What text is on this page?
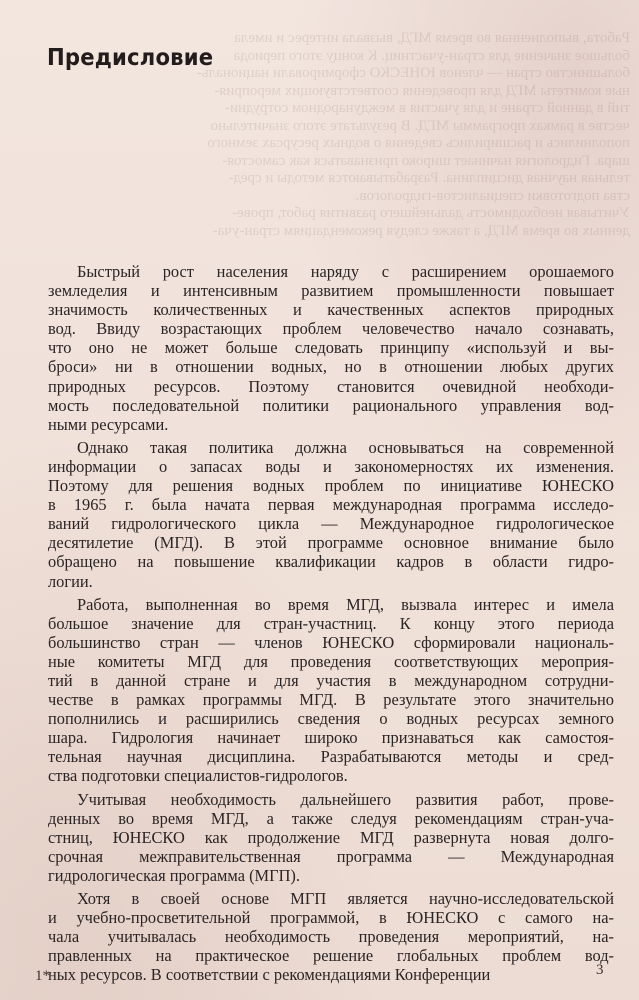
Работа, выполненная во время МГД, вызвала интерес и имела
большое значение для стран-участниц. К концу этого периода
большинство стран — членов ЮНЕСКО сформировали националь-
ные комитеты МГД для проведения соответствующих мероприя-
тий в данной стране и для участия в международном сотрудни-
честве в рамках программы МГД. В результате этого значительно
пополнились и расширились сведения о водных ресурсах земного
шара. Гидрология начинает широко признаваться как самостоя-
тельная научная дисциплина. Разрабатываются методы и сред-
ства подготовки специалистов-гидрологов.
Учитывая необходимость дальнейшего развития работ, прове-
денных во время МГД, а также следуя рекомендациям стран-уча-
Предисловие
Быстрый рост населения наряду с расширением орошаемого
земледелия и интенсивным развитием промышленности повышает
значимость количественных и качественных аспектов природных
вод. Ввиду возрастающих проблем человечество начало сознавать,
что оно не может больше следовать принципу «используй и вы-
броси» ни в отношении водных, но в отношении любых других
природных ресурсов. Поэтому становится очевидной необходи-
мость последовательной политики рационального управления вод-
ными ресурсами.
Однако такая политика должна основываться на современной
информации о запасах воды и закономерностях их изменения.
Поэтому для решения водных проблем по инициативе ЮНЕСКО
в 1965 г. была начата первая международная программа исследо-
ваний гидрологического цикла — Международное гидрологическое
десятилетие (МГД). В этой программе основное внимание было
обращено на повышение квалификации кадров в области гидро-
логии.
Работа, выполненная во время МГД, вызвала интерес и имела
большое значение для стран-участниц. К концу этого периода
большинство стран — членов ЮНЕСКО сформировали националь-
ные комитеты МГД для проведения соответствующих мероприя-
тий в данной стране и для участия в международном сотрудни-
честве в рамках программы МГД. В результате этого значительно
пополнились и расширились сведения о водных ресурсах земного
шара. Гидрология начинает широко признаваться как самостоя-
тельная научная дисциплина. Разрабатываются методы и сред-
ства подготовки специалистов-гидрологов.
Учитывая необходимость дальнейшего развития работ, прове-
денных во время МГД, а также следуя рекомендациям стран-уча-
стниц, ЮНЕСКО как продолжение МГД развернута новая долго-
срочная межправительственная программа — Международная
гидрологическая программа (МГП).
Хотя в своей основе МГП является научно-исследовательской
и учебно-просветительной программой, в ЮНЕСКО с самого на-
чала учитывалась необходимость проведения мероприятий, на-
правленных на практическое решение глобальных проблем вод-
ных ресурсов. В соответствии с рекомендациями Конференции
1*	3
